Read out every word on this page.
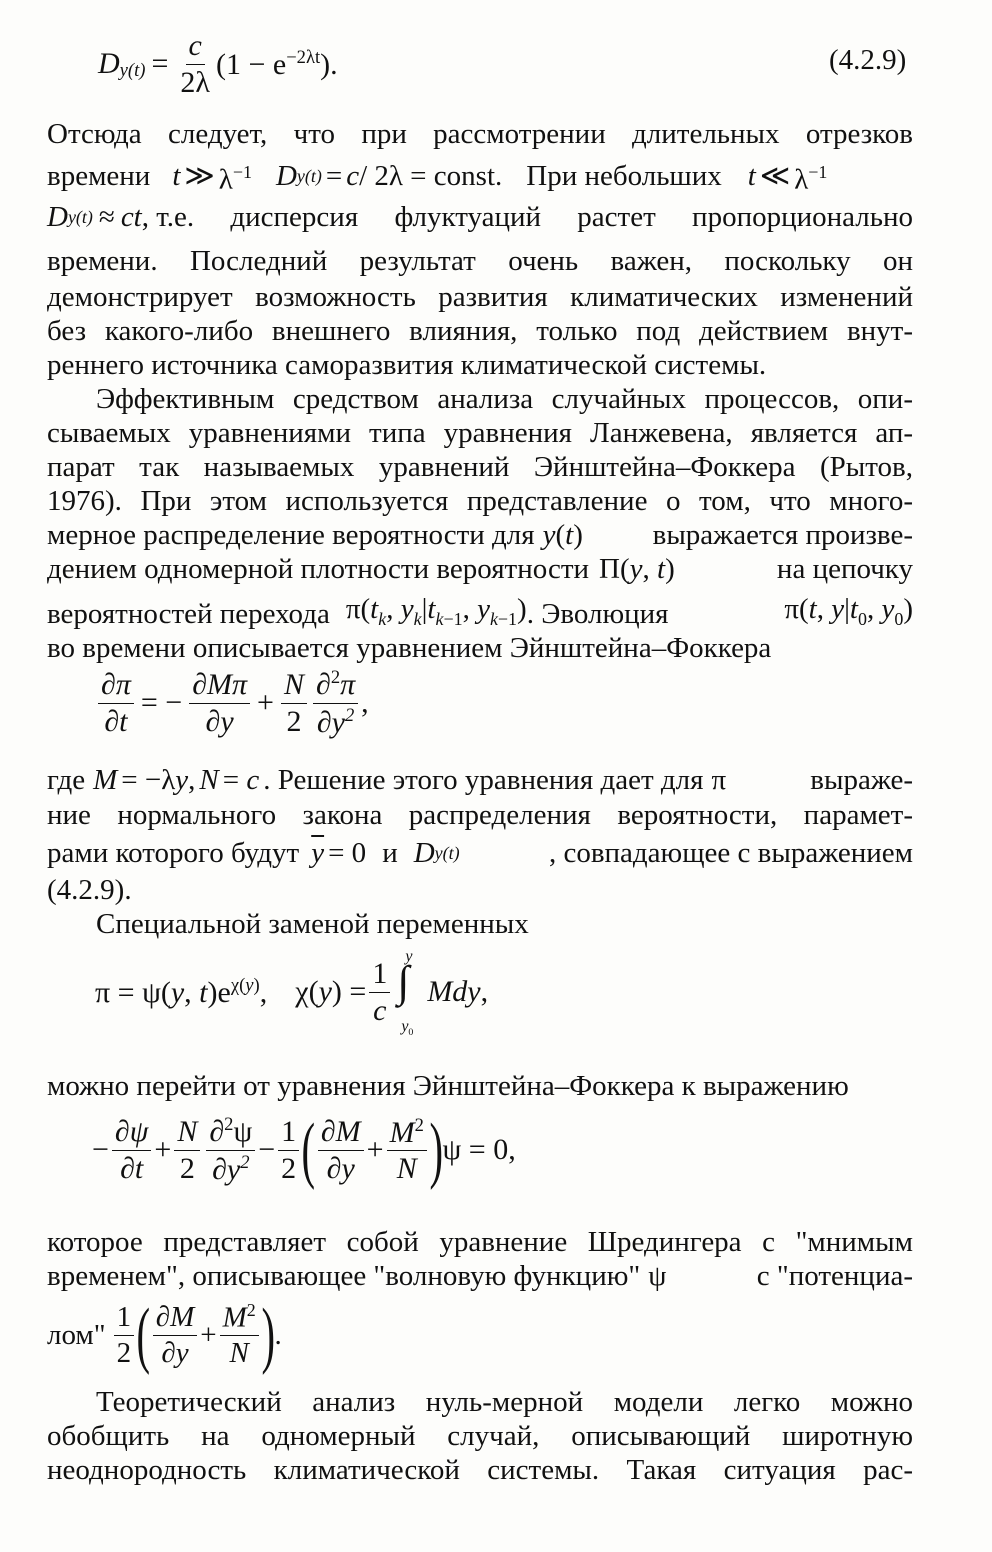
$D_{y(t)} = \frac{c}{2\lambda} (1 - e^{-2\lambda t})$.	(4.2.9)
Отсюда следует, что при рассмотрении длительных отрезков
времени t ≫ $\lambda^{-1}$ D y(t) = c / 2λ = const. При небольших t ≪ $\lambda^{-1}$
D y(t) ≈ ct , т.е. дисперсия флуктуаций растет пропорционально
времени. Последний результат очень важен, поскольку он
демонстрирует возможность развития климатических изменений
без какого-либо внешнего влияния, только под действием внут-
реннего источника саморазвития климатической системы.
Эффективным средством анализа случайных процессов, опи-
сываемых уравнениями типа уравнения Ланжевена, является ап-
парат так называемых уравнений Эйнштейна–Фоккера (Рытов,
1976). При этом используется представление о том, что много-
мерное распределение вероятности для y (t)	выражается произве-
дением одномерной плотности вероятности Π(y, t)	на цепочку
вероятностей перехода $\pi(t_k$, $y_k|t_{k-1}$, $y_{k-1}$) . Эволюция	π(t, $y|t_0$, $y_0$)
во времени описывается уравнением Эйнштейна–Фоккера
$\frac{\partial\pi}{\partial t}$ = − $\frac{\partial M\pi}{\partial y} + \frac{N}{2} \frac{\partial^2\pi}{\partial y^2}$ ,
где M = −λy, N = c . Решение этого уравнения дает для π	выраже-
ние нормального закона распределения вероятности, парамет-
рами которого будут $\overline{y} = 0$ и D y(t)	, совпадающее с выражением
(4.2.9).
Специальной заменой переменных
π = ψ(y, $t)e^{\chi(y)}$, $\chi(y) = \frac{1}{c}$
y
∫
$y_0$
Mdy ,
можно перейти от уравнения Эйнштейна–Фоккера к выражению
− $\frac{\partial\psi}{\partial t} + \frac{N}{2} \frac{\partial^2\psi}{\partial y^2} - \frac{1}{2}$ ( $\frac{\partial M}{\partial y} + \frac{M^2}{N}$ ) ψ = 0,
которое представляет собой уравнение Шредингера с "мнимым
временем", описывающее "волновую функцию" ψ	с "потенциа-
лом" $\frac{1}{2}$ ( $\frac{\partial M}{\partial y} + \frac{M^2}{N}$ ) .
Теоретический анализ нуль-мерной модели легко можно
обобщить на одномерный случай, описывающий широтную
неоднородность климатической системы. Такая ситуация рас-
